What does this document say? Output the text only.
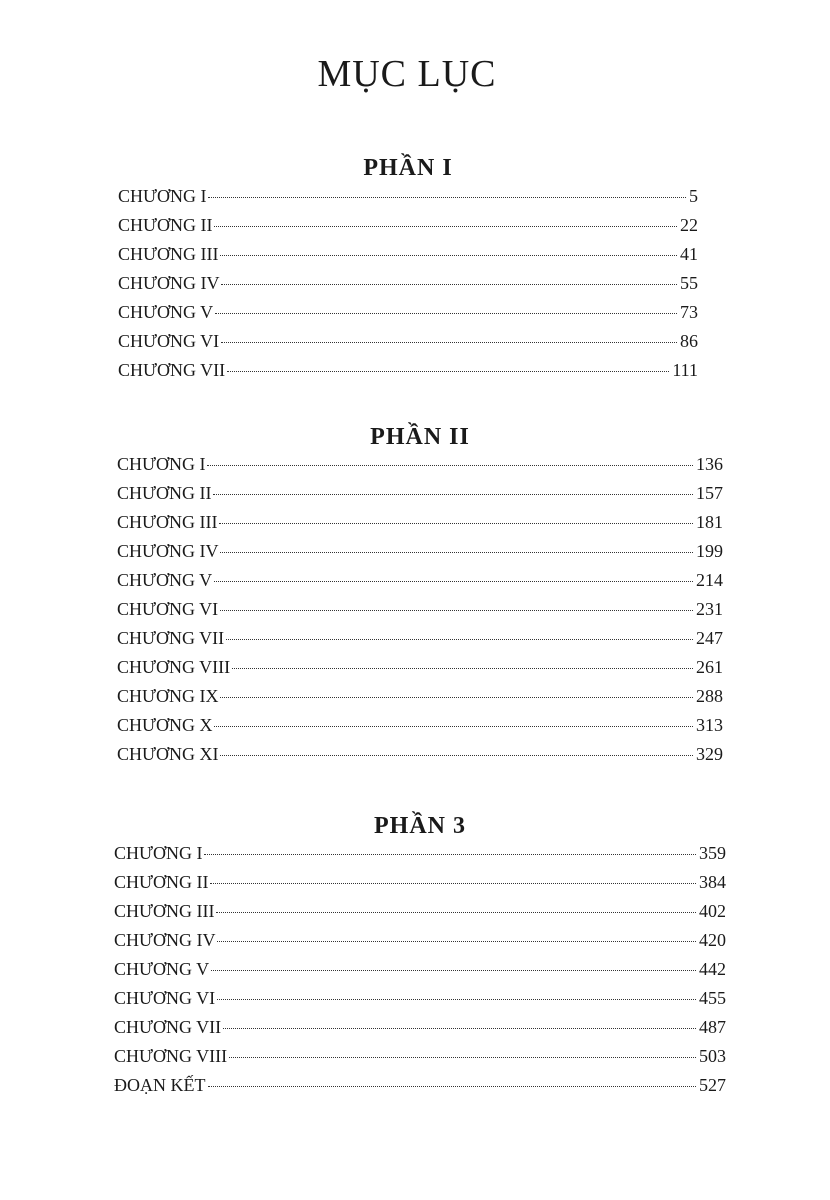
MỤC LỤC
PHẦN I
CHƯƠNG I	5
CHƯƠNG II	22
CHƯƠNG III	41
CHƯƠNG IV	55
CHƯƠNG V	73
CHƯƠNG VI	86
CHƯƠNG VII	111
PHẦN II
CHƯƠNG I	136
CHƯƠNG II	157
CHƯƠNG III	181
CHƯƠNG IV	199
CHƯƠNG V	214
CHƯƠNG VI	231
CHƯƠNG VII	247
CHƯƠNG VIII	261
CHƯƠNG IX	288
CHƯƠNG X	313
CHƯƠNG XI	329
PHẦN 3
CHƯƠNG I	359
CHƯƠNG II	384
CHƯƠNG III	402
CHƯƠNG IV	420
CHƯƠNG V	442
CHƯƠNG VI	455
CHƯƠNG VII	487
CHƯƠNG VIII	503
ĐOẠN KẾT	527
